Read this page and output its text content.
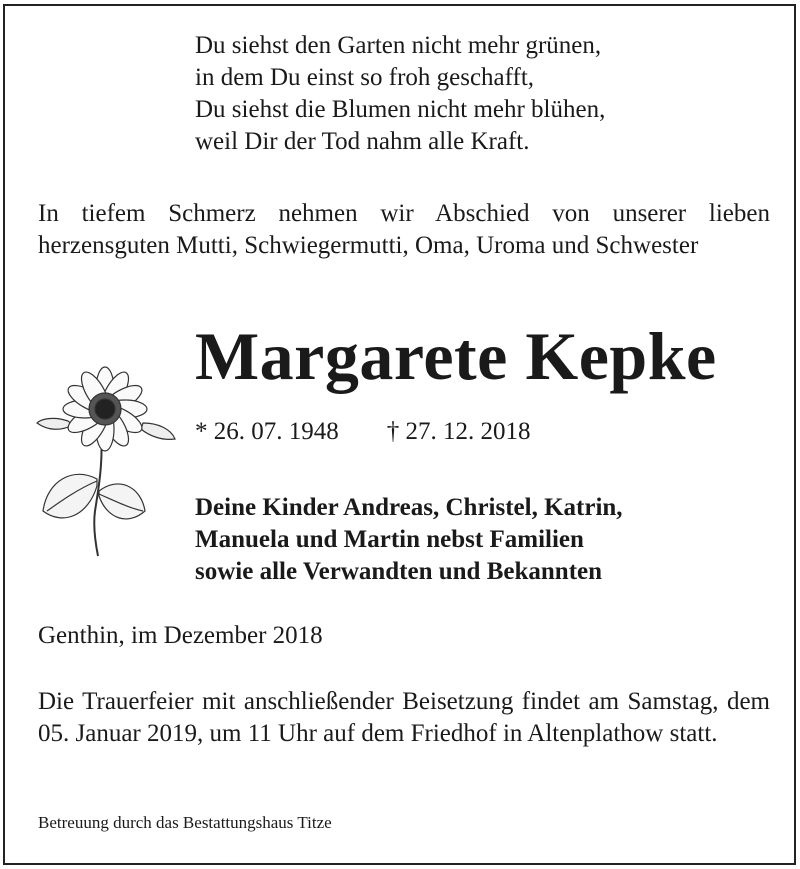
Du siehst den Garten nicht mehr grünen,
in dem Du einst so froh geschafft,
Du siehst die Blumen nicht mehr blühen,
weil Dir der Tod nahm alle Kraft.
In tiefem Schmerz nehmen wir Abschied von unserer lieben herzensguten Mutti, Schwiegermutti, Oma, Uroma und Schwester
Margarete Kepke
* 26. 07. 1948 † 27. 12. 2018
Deine Kinder Andreas, Christel, Katrin,
Manuela und Martin nebst Familien
sowie alle Verwandten und Bekannten
Genthin, im Dezember 2018
Die Trauerfeier mit anschließender Beisetzung findet am Samstag, dem 05. Januar 2019, um 11 Uhr auf dem Friedhof in Altenplathow statt.
Betreuung durch das Bestattungshaus Titze
